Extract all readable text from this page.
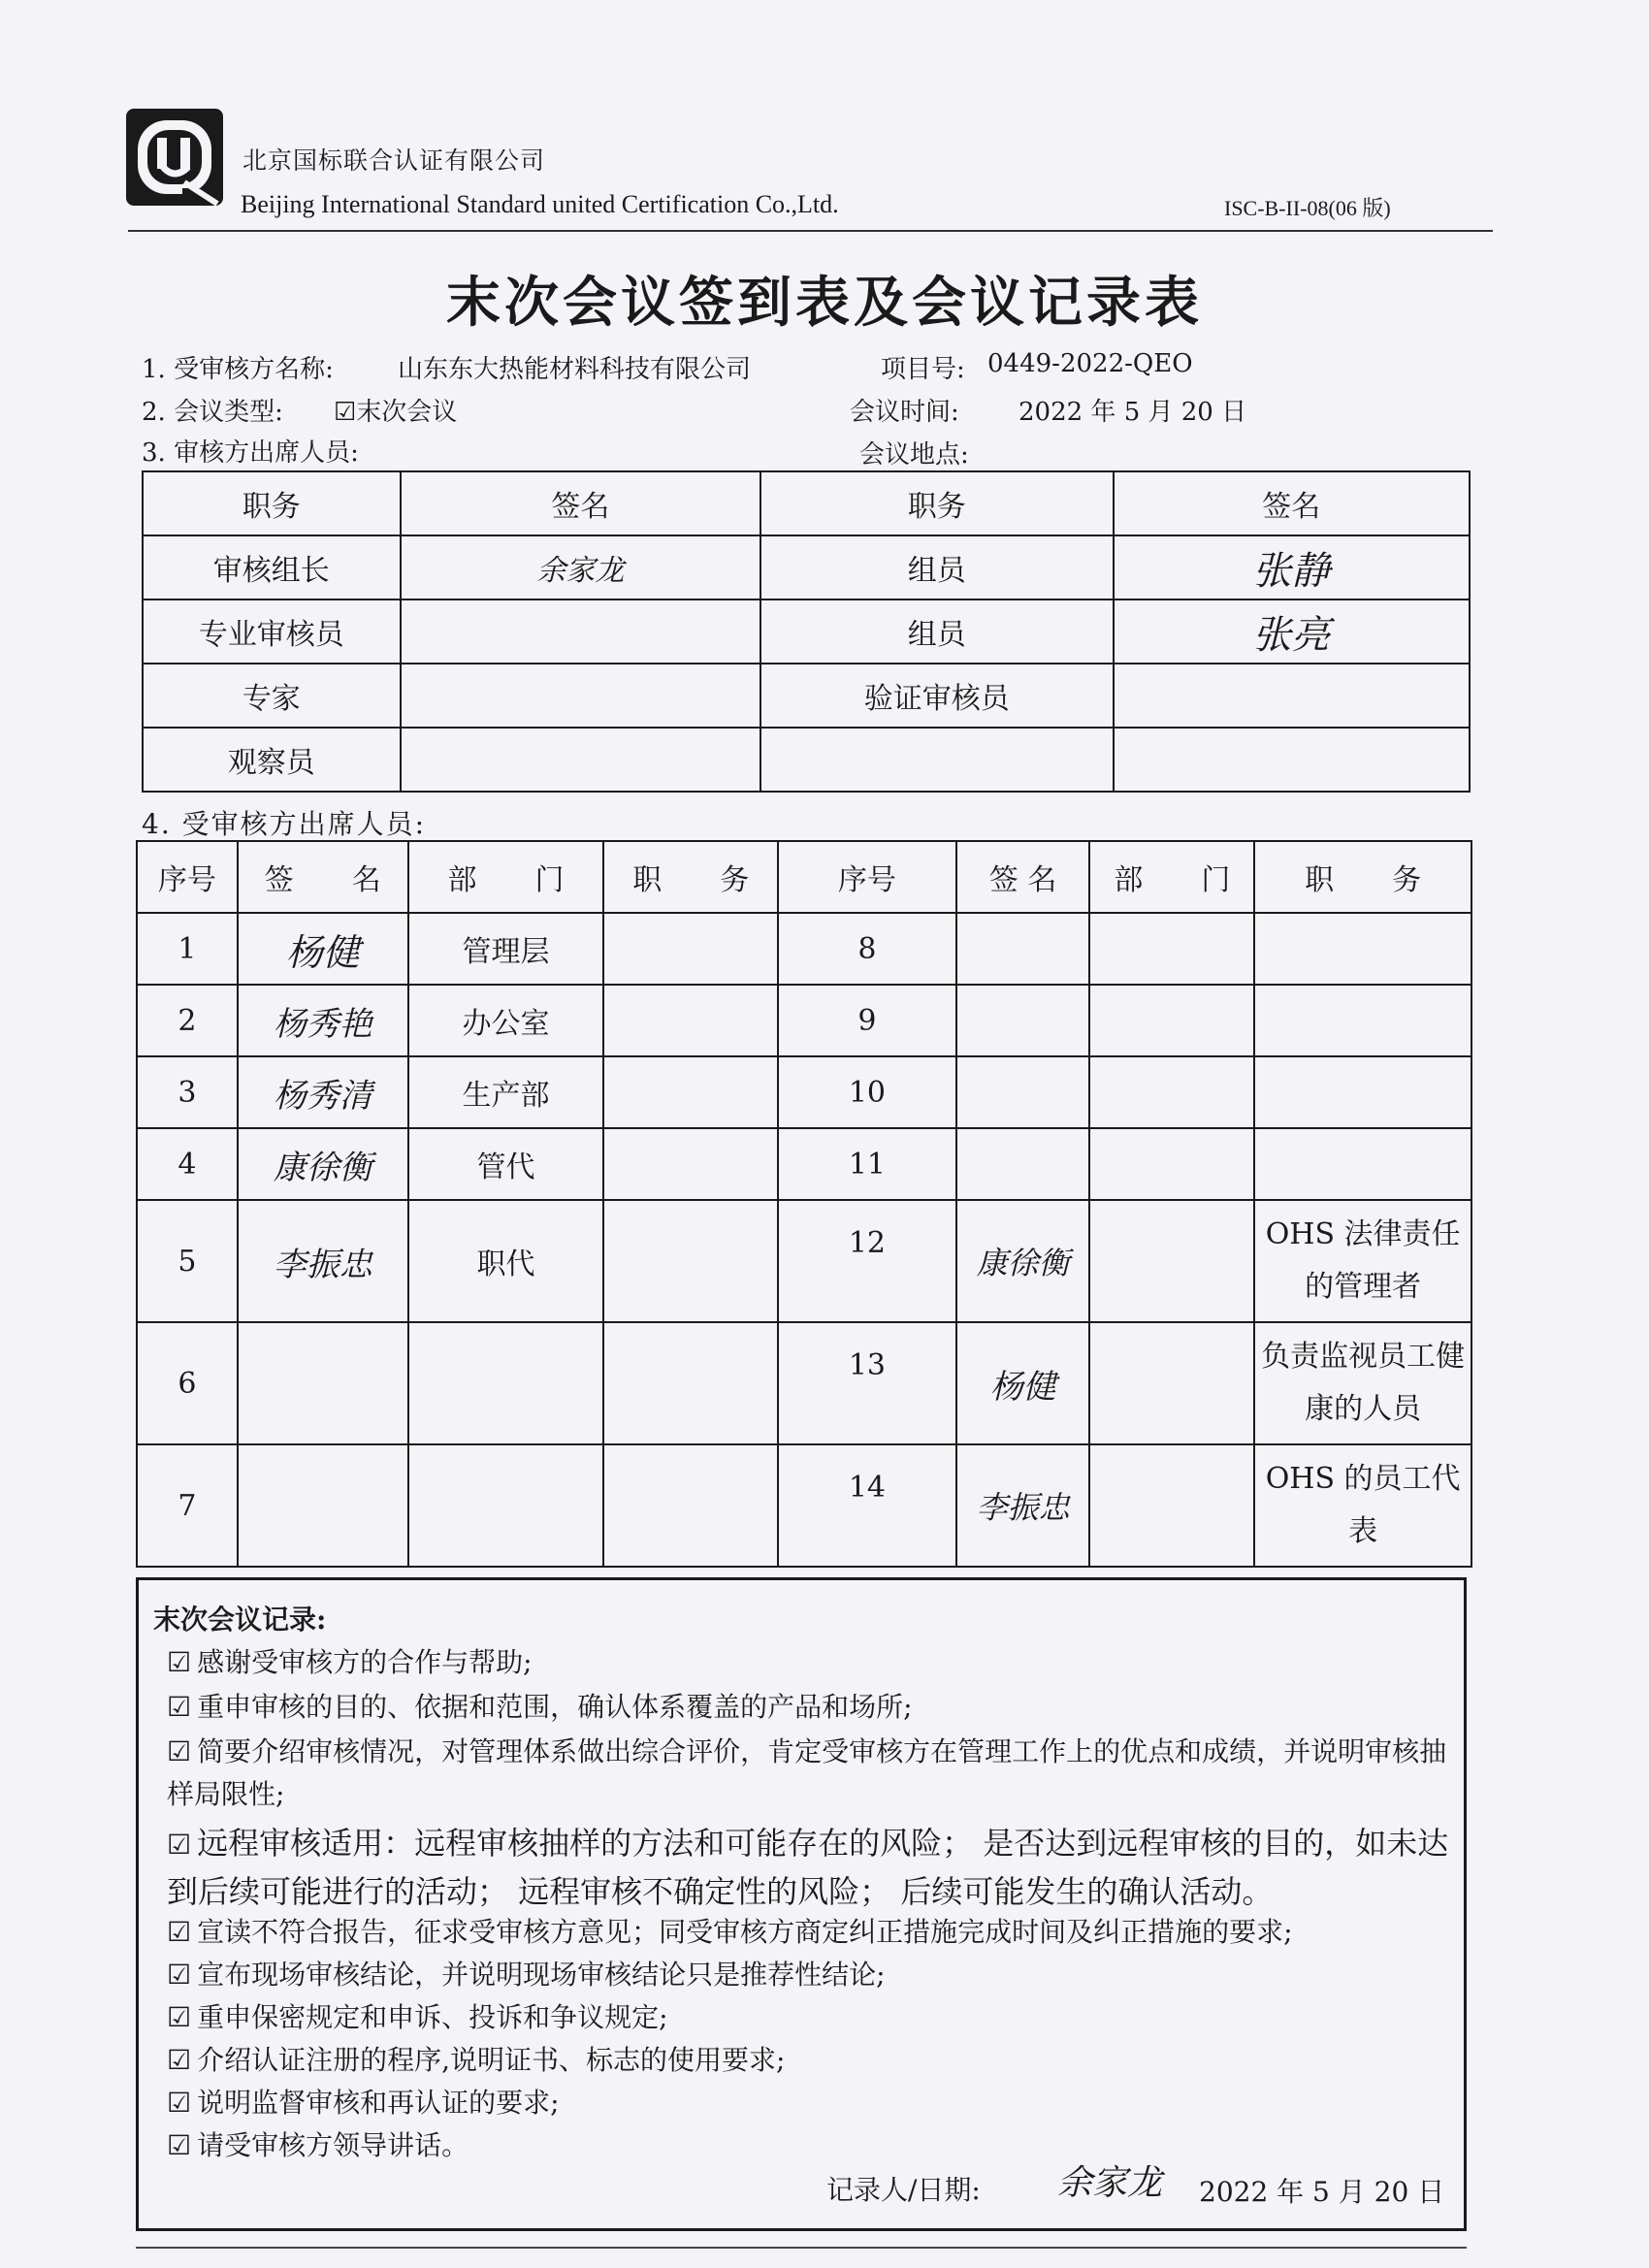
北京国标联合认证有限公司
Beijing International Standard united Certification Co.,Ltd.	ISC-B-II-08(06 版)
末次会议签到表及会议记录表
1. 受审核方名称:	山东东大热能材料科技有限公司	项目号: 0449-2022-QEO
2. 会议类型: ☑末次会议	会议时间: 2022 年 5 月 20 日
3. 审核方出席人员:	会议地点:
职务	签名	职务	签名
审核组长	余家龙	组员	张静
专业审核员		组员	张亮
专家		验证审核员	
观察员			
4. 受审核方出席人员:
序号	签　　名	部　　门	职　　务	序号	签 名	部　　门	职　　务
1	杨健	管理层		8			
2	杨秀艳	办公室		9			
3	杨秀清	生产部		10			
4	康徐衡	管代		11			
5	李振忠	职代		12	康徐衡		OHS 法律责任的管理者
6				13	杨健		负责监视员工健康的人员
7				14	李振忠		OHS 的员工代表
末次会议记录:
☑ 感谢受审核方的合作与帮助;
☑ 重申审核的目的、依据和范围，确认体系覆盖的产品和场所;
☑ 简要介绍审核情况，对管理体系做出综合评价，肯定受审核方在管理工作上的优点和成绩，并说明审核抽样局限性;
☑ 远程审核适用：远程审核抽样的方法和可能存在的风险； 是否达到远程审核的目的，如未达到后续可能进行的活动； 远程审核不确定性的风险； 后续可能发生的确认活动。
☑ 宣读不符合报告，征求受审核方意见；同受审核方商定纠正措施完成时间及纠正措施的要求;
☑ 宣布现场审核结论，并说明现场审核结论只是推荐性结论;
☑ 重申保密规定和申诉、投诉和争议规定;
☑ 介绍认证注册的程序,说明证书、标志的使用要求;
☑ 说明监督审核和再认证的要求;
☑ 请受审核方领导讲话。
记录人/日期: 余家龙 2022 年 5 月 20 日
